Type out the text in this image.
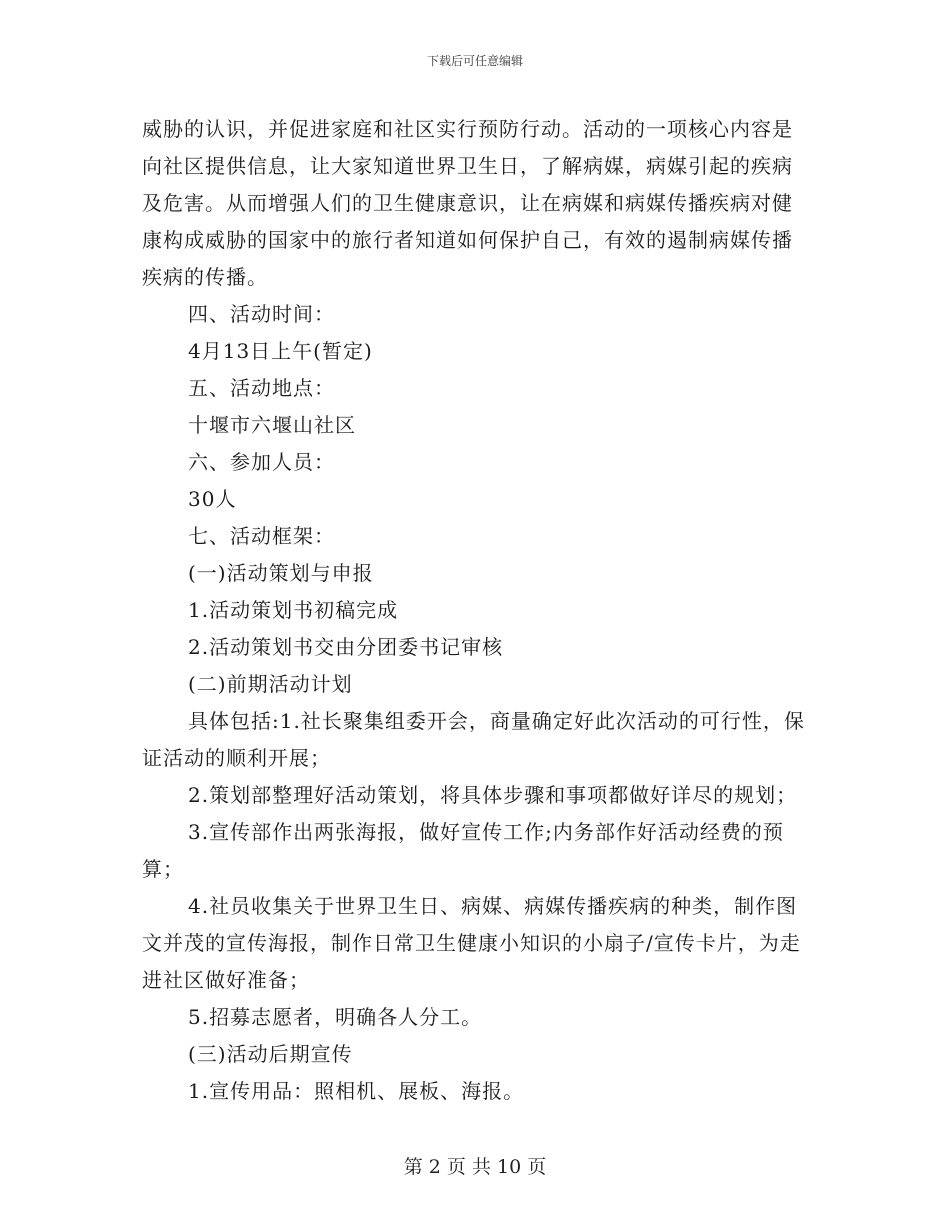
下载后可任意编辑

威胁的认识，并促进家庭和社区实行预防行动。活动的一项核心内容是向社区提供信息，让大家知道世界卫生日，了解病媒，病媒引起的疾病及危害。从而增强人们的卫生健康意识，让在病媒和病媒传播疾病对健康构成威胁的国家中的旅行者知道如何保护自己，有效的遏制病媒传播疾病的传播。

四、活动时间：

4月13日上午(暂定)

五、活动地点：

十堰市六堰山社区

六、参加人员：

30人

七、活动框架：

(一)活动策划与申报

1.活动策划书初稿完成

2.活动策划书交由分团委书记审核

(二)前期活动计划

具体包括:1.社长聚集组委开会，商量确定好此次活动的可行性，保证活动的顺利开展；

2.策划部整理好活动策划，将具体步骤和事项都做好详尽的规划；

3.宣传部作出两张海报，做好宣传工作;内务部作好活动经费的预算；

4.社员收集关于世界卫生日、病媒、病媒传播疾病的种类，制作图文并茂的宣传海报，制作日常卫生健康小知识的小扇子/宣传卡片，为走进社区做好准备；

5.招募志愿者，明确各人分工。

(三)活动后期宣传

1.宣传用品：照相机、展板、海报。

第 2 页 共 10 页
